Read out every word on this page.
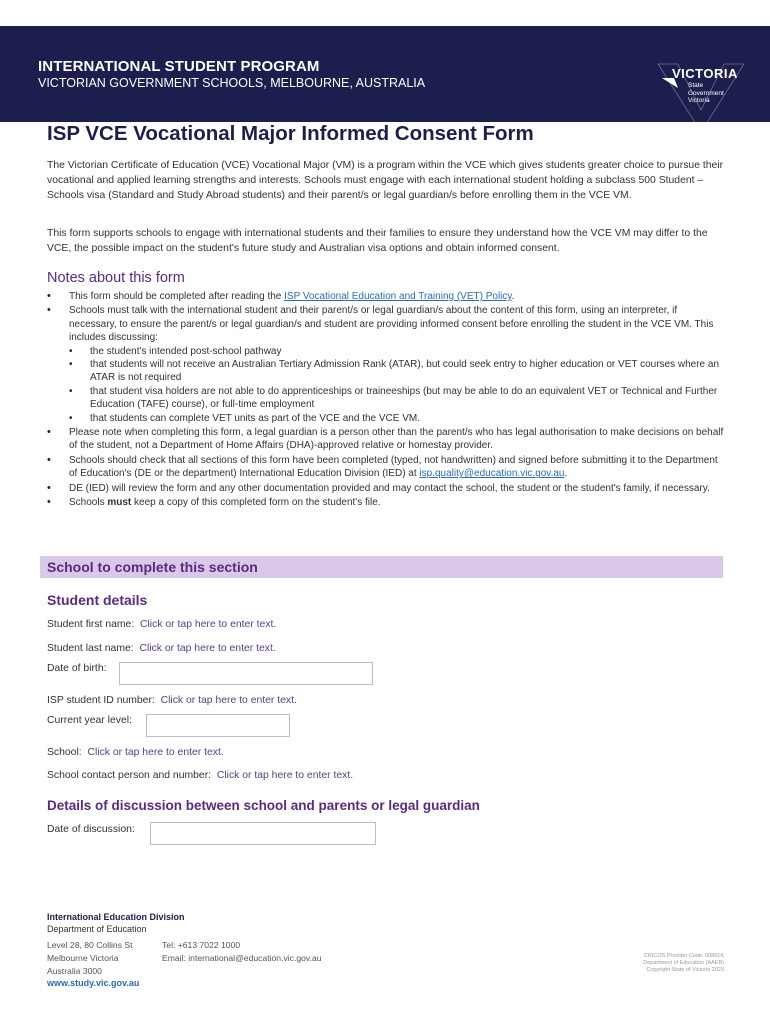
INTERNATIONAL STUDENT PROGRAM
VICTORIAN GOVERNMENT SCHOOLS, MELBOURNE, AUSTRALIA
VICTORIA
State
Government
Victoria
ISP VCE Vocational Major Informed Consent Form

The Victorian Certificate of Education (VCE) Vocational Major (VM) is a program within the VCE which gives students greater choice to pursue their vocational and applied learning strengths and interests. Schools must engage with each international student holding a subclass 500 Student – Schools visa (Standard and Study Abroad students) and their parent/s or legal guardian/s before enrolling them in the VCE VM.

This form supports schools to engage with international students and their families to ensure they understand how the VCE VM may differ to the VCE, the possible impact on the student's future study and Australian visa options and obtain informed consent.

Notes about this form
• This form should be completed after reading the ISP Vocational Education and Training (VET) Policy.
• Schools must talk with the international student and their parent/s or legal guardian/s about the content of this form, using an interpreter, if necessary, to ensure the parent/s or legal guardian/s and student are providing informed consent before enrolling the student in the VCE VM. This includes discussing:
• the student's intended post-school pathway
• that students will not receive an Australian Tertiary Admission Rank (ATAR), but could seek entry to higher education or VET courses where an ATAR is not required
• that student visa holders are not able to do apprenticeships or traineeships (but may be able to do an equivalent VET or Technical and Further Education (TAFE) course), or full-time employment
• that students can complete VET units as part of the VCE and the VCE VM.
• Please note when completing this form, a legal guardian is a person other than the parent/s who has legal authorisation to make decisions on behalf of the student, not a Department of Home Affairs (DHA)-approved relative or homestay provider.
• Schools should check that all sections of this form have been completed (typed, not handwritten) and signed before submitting it to the Department of Education's (DE or the department) International Education Division (IED) at isp.quality@education.vic.gov.au.
• DE (IED) will review the form and any other documentation provided and may contact the school, the student or the student's family, if necessary.
• Schools must keep a copy of this completed form on the student's file.
School to complete this section
Student details
Student first name: Click or tap here to enter text.
Student last name: Click or tap here to enter text.
Date of birth:
ISP student ID number: Click or tap here to enter text.
Current year level:
School: Click or tap here to enter text.
School contact person and number: Click or tap here to enter text.
Details of discussion between school and parents or legal guardian
Date of discussion:
International Education Division
Department of Education
Level 28, 80 Collins St
Melbourne Victoria
Australia 3000
Tel: +613 7022 1000
Email: international@education.vic.gov.au
www.study.vic.gov.au
CRICOS Provider Code: 00861K
Department of Education (AAEB)
Copyright State of Victoria 2023
